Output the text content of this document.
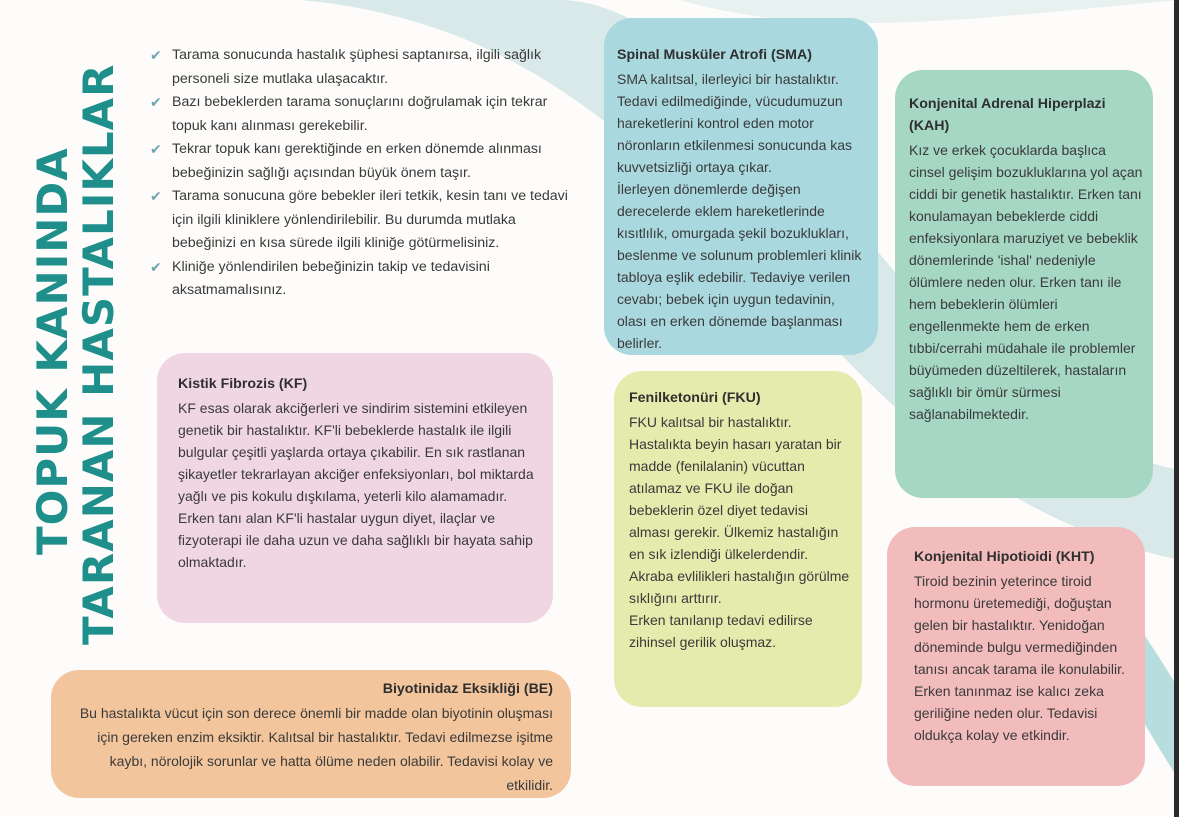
TOPUK KANINDA
TARANAN HASTALIKLAR
✔ Tarama sonucunda hastalık şüphesi saptanırsa, ilgili sağlık personeli size mutlaka ulaşacaktır.
✔ Bazı bebeklerden tarama sonuçlarını doğrulamak için tekrar topuk kanı alınması gerekebilir.
✔ Tekrar topuk kanı gerektiğinde en erken dönemde alınması bebeğinizin sağlığı açısından büyük önem taşır.
✔ Tarama sonucuna göre bebekler ileri tetkik, kesin tanı ve tedavi için ilgili kliniklere yönlendirilebilir. Bu durumda mutlaka bebeğinizi en kısa sürede ilgili kliniğe götürmelisiniz.
✔ Kliniğe yönlendirilen bebeğinizin takip ve tedavisini aksatmamalısınız.
Spinal Musküler Atrofi (SMA)

SMA kalıtsal, ilerleyici bir hastalıktır.
Tedavi edilmediğinde, vücudumuzun hareketlerini kontrol eden motor nöronların etkilenmesi sonucunda kas kuvvetsizliği ortaya çıkar.
İlerleyen dönemlerde değişen derecelerde eklem hareketlerinde kısıtlılık, omurgada şekil bozuklukları, beslenme ve solunum problemleri klinik tabloya eşlik edebilir. Tedaviye verilen cevabı; bebek için uygun tedavinin, olası en erken dönemde başlanması belirler.

Konjenital Adrenal Hiperplazi (KAH)

Kız ve erkek çocuklarda başlıca cinsel gelişim bozukluklarına yol açan ciddi bir genetik hastalıktır. Erken tanı konulamayan bebeklerde ciddi enfeksiyonlara maruziyet ve bebeklik dönemlerinde 'ishal' nedeniyle ölümlere neden olur. Erken tanı ile hem bebeklerin ölümleri engellenmekte hem de erken tıbbi/cerrahi müdahale ile problemler büyümeden düzeltilerek, hastaların sağlıklı bir ömür sürmesi sağlanabilmektedir.

Kistik Fibrozis (KF)

KF esas olarak akciğerleri ve sindirim sistemini etkileyen genetik bir hastalıktır. KF'li bebeklerde hastalık ile ilgili bulgular çeşitli yaşlarda ortaya çıkabilir. En sık rastlanan şikayetler tekrarlayan akciğer enfeksiyonları, bol miktarda yağlı ve pis kokulu dışkılama, yeterli kilo alamamadır.
Erken tanı alan KF'li hastalar uygun diyet, ilaçlar ve fizyoterapi ile daha uzun ve daha sağlıklı bir hayata sahip olmaktadır.

Fenilketonüri (FKU)

FKU kalıtsal bir hastalıktır.
Hastalıkta beyin hasarı yaratan bir madde (fenilalanin) vücuttan atılamaz ve FKU ile doğan bebeklerin özel diyet tedavisi alması gerekir. Ülkemiz hastalığın en sık izlendiği ülkelerdendir.
Akraba evlilikleri hastalığın görülme sıklığını arttırır.
Erken tanılanıp tedavi edilirse zihinsel gerilik oluşmaz.

Konjenital Hipotioidi (KHT)

Tiroid bezinin yeterince tiroid hormonu üretemediği, doğuştan gelen bir hastalıktır. Yenidoğan döneminde bulgu vermediğinden tanısı ancak tarama ile konulabilir. Erken tanınmaz ise kalıcı zeka geriliğine neden olur. Tedavisi oldukça kolay ve etkindir.

Biyotinidaz Eksikliği (BE)

Bu hastalıkta vücut için son derece önemli bir madde olan biyotinin oluşması için gereken enzim eksiktir. Kalıtsal bir hastalıktır. Tedavi edilmezse işitme kaybı, nörolojik sorunlar ve hatta ölüme neden olabilir. Tedavisi kolay ve etkilidir.
